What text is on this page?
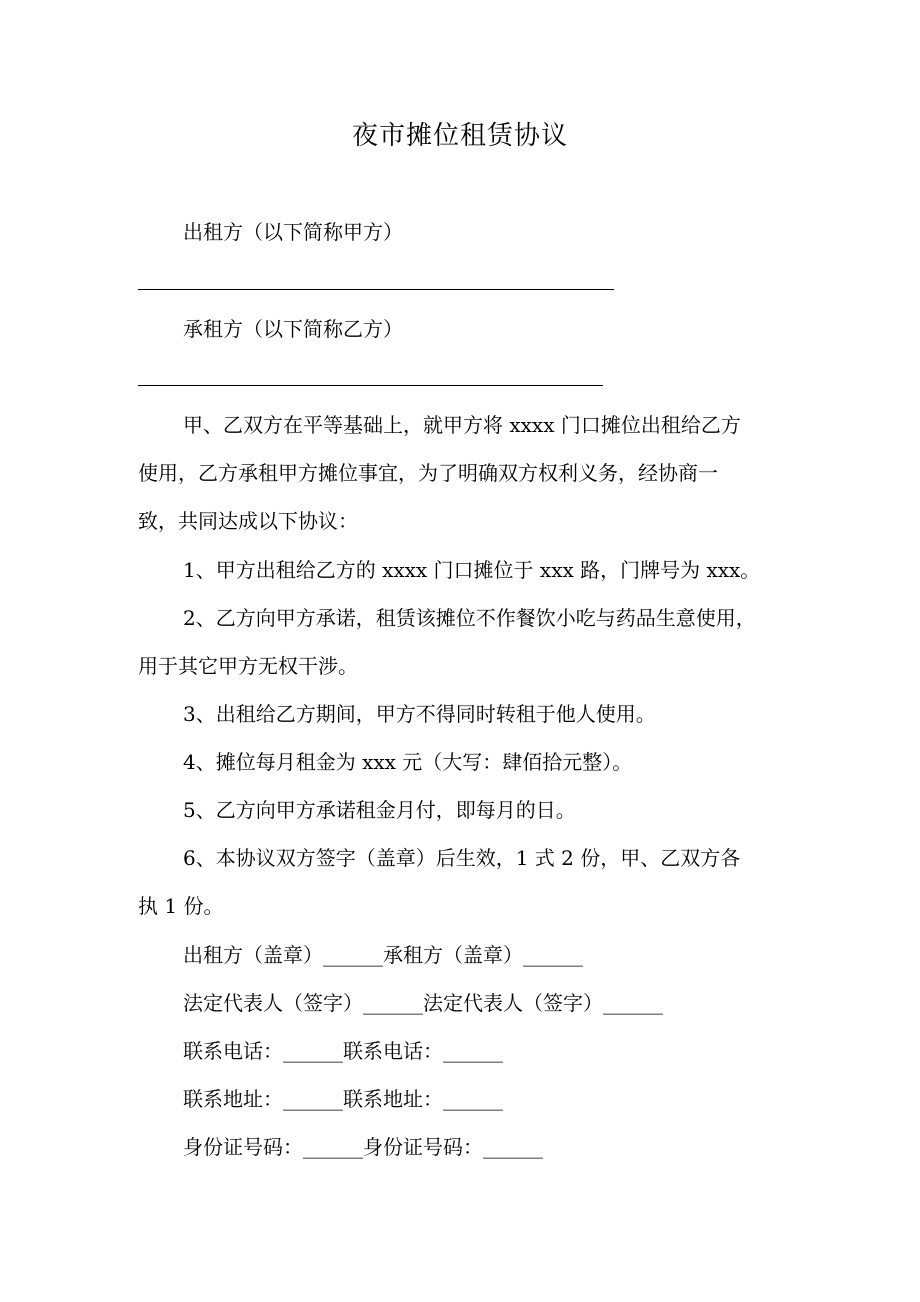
夜市摊位租赁协议
出租方（以下简称甲方）
承租方（以下简称乙方）
甲、乙双方在平等基础上，就甲方将 xxxx 门口摊位出租给乙方
使用，乙方承租甲方摊位事宜，为了明确双方权利义务，经协商一
致，共同达成以下协议：
1、甲方出租给乙方的 xxxx 门口摊位于 xxx 路，门牌号为 xxx。
2、乙方向甲方承诺，租赁该摊位不作餐饮小吃与药品生意使用，
用于其它甲方无权干涉。
3、出租给乙方期间，甲方不得同时转租于他人使用。
4、摊位每月租金为 xxx 元（大写：肆佰拾元整）。
5、乙方向甲方承诺租金月付，即每月的日。
6、本协议双方签字（盖章）后生效，1 式 2 份，甲、乙双方各
执 1 份。
出租方（盖章）______承租方（盖章）______
法定代表人（签字）______法定代表人（签字）______
联系电话：______联系电话：______
联系地址：______联系地址：______
身份证号码：______身份证号码：______
